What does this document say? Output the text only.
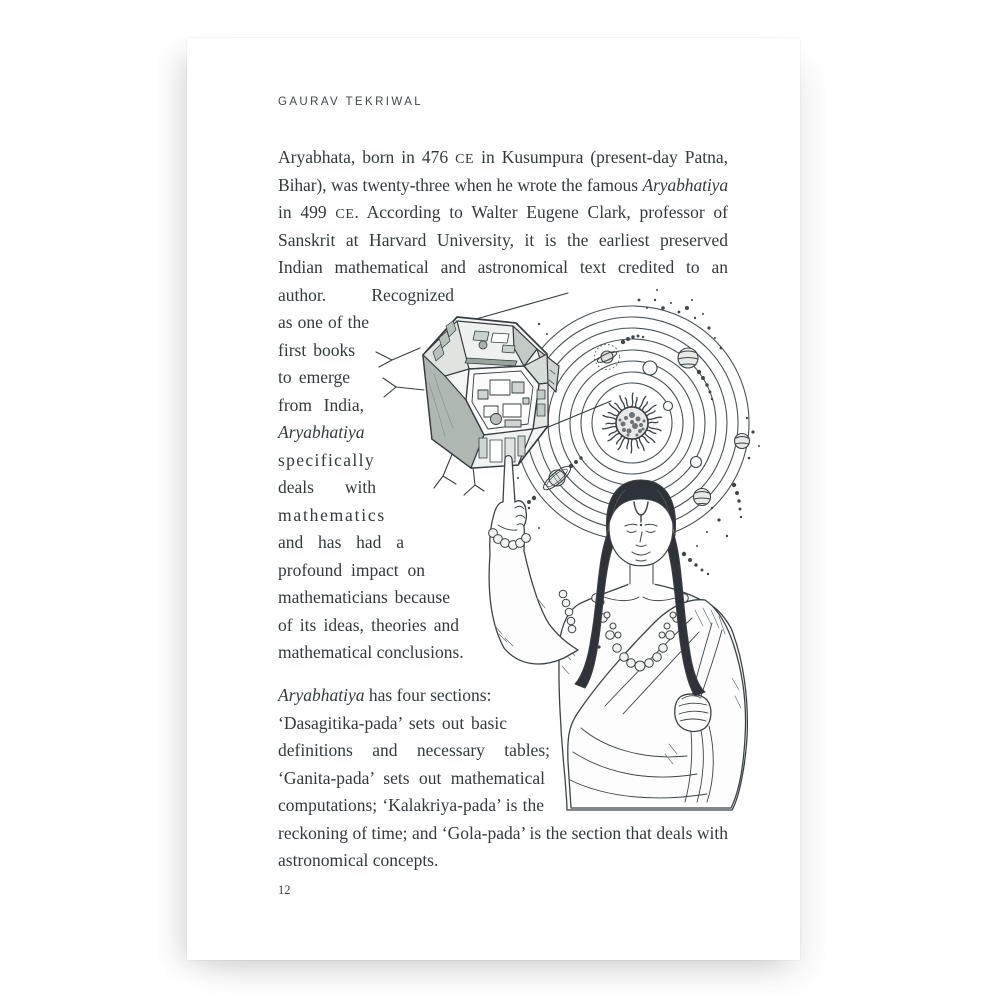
GAURAV TEKRIWAL
Aryabhata, born in 476 CE in Kusumpura (present-day Patna,
Bihar), was twenty-three when he wrote the famous Aryabhatiya
in 499 CE. According to Walter Eugene Clark, professor of
Sanskrit at Harvard University, it is the earliest preserved
Indian mathematical and astronomical text credited to an
author. Recognized
as one of the
first books
to emerge
from India,
Aryabhatiya
specifically
deals with
mathematics
and has had a
profound impact on
mathematicians because
of its ideas, theories and
mathematical conclusions.
Aryabhatiya has four sections:
‘Dasagitika-pada’ sets out basic
definitions and necessary tables;
‘Ganita-pada’ sets out mathematical
computations; ‘Kalakriya-pada’ is the
reckoning of time; and ‘Gola-pada’ is the section that deals with
astronomical concepts.
12
